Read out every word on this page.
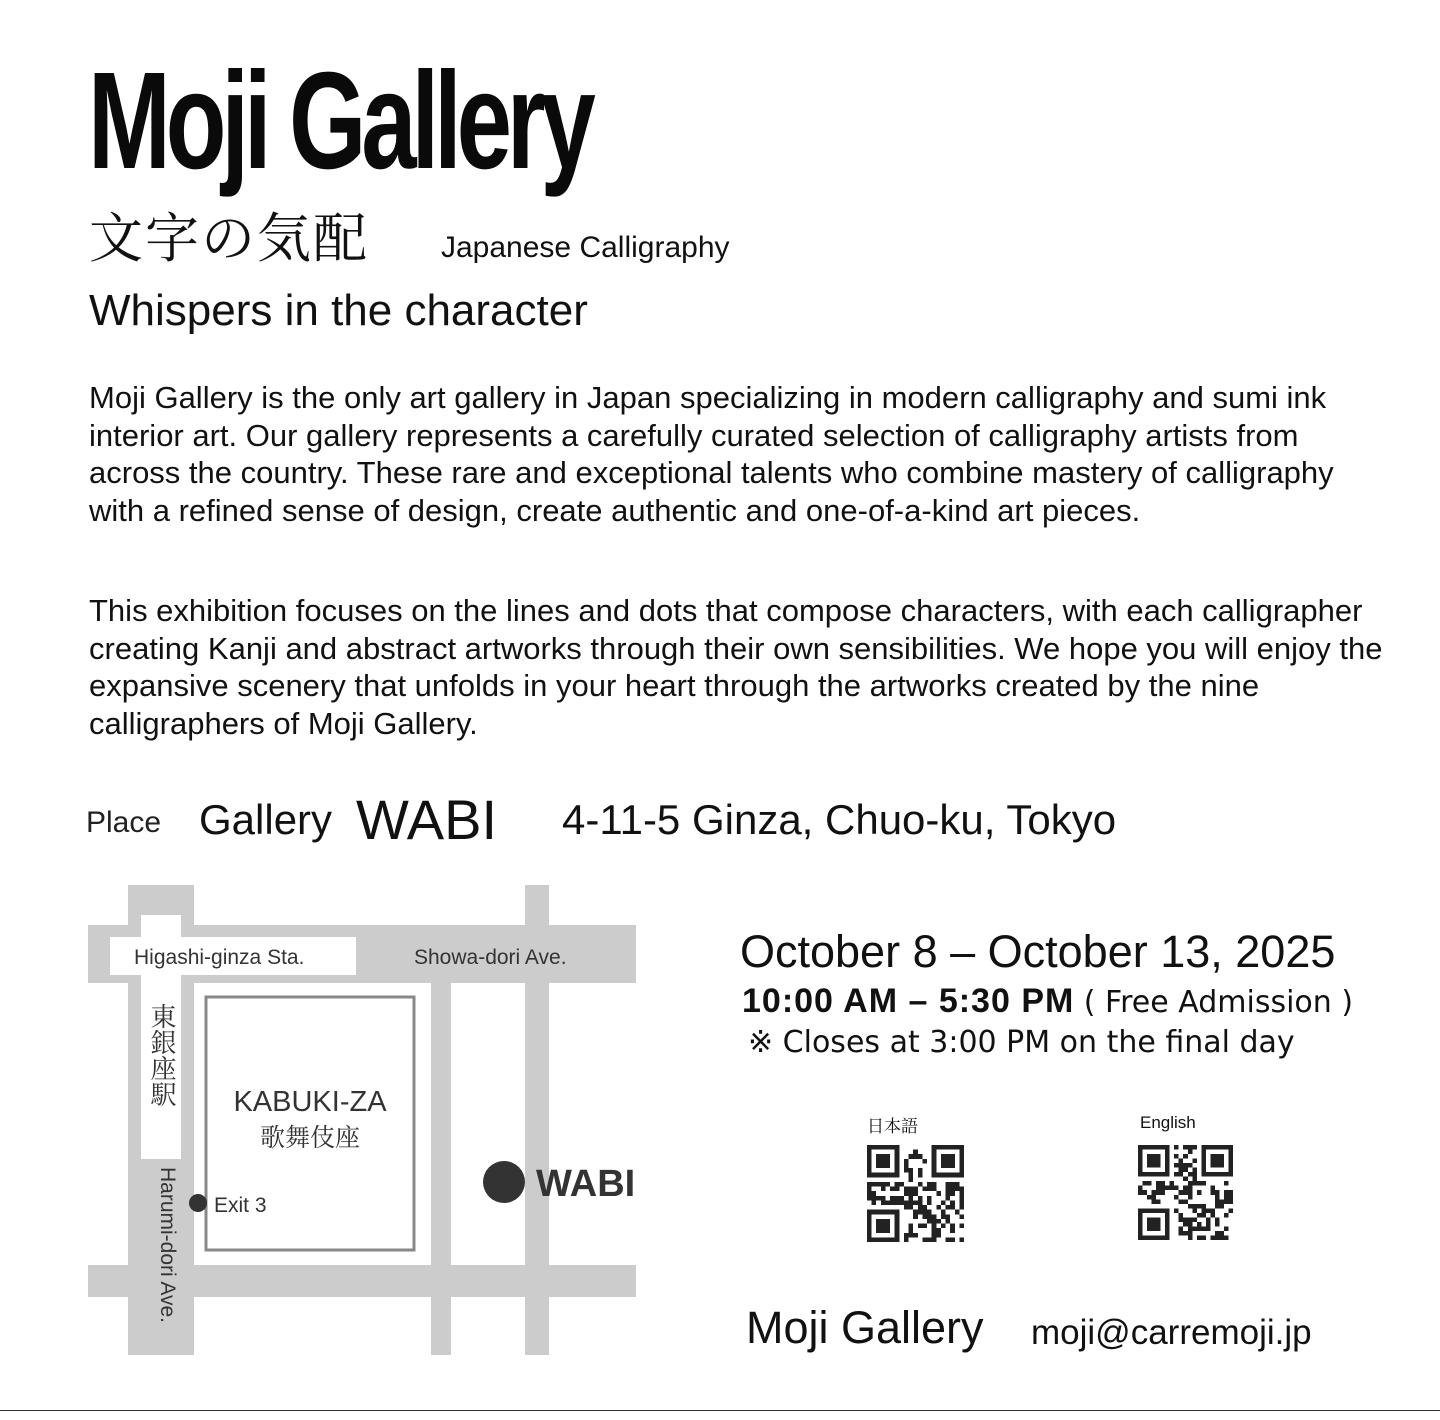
Moji Gallery
文字の気配 Japanese Calligraphy
Whispers in the character
Moji Gallery is the only art gallery in Japan specializing in modern calligraphy and sumi ink interior art. Our gallery represents a carefully curated selection of calligraphy artists from across the country. These rare and exceptional talents who combine mastery of calligraphy with a refined sense of design, create authentic and one-of-a-kind art pieces.
This exhibition focuses on the lines and dots that compose characters, with each calligrapher creating Kanji and abstract artworks through their own sensibilities. We hope you will enjoy the expansive scenery that unfolds in your heart through the artworks created by the nine calligraphers of Moji Gallery.
Place Gallery WABI 4-11-5 Ginza, Chuo-ku, Tokyo
Higashi-ginza Sta.	Showa-dori Ave.
東銀座駅
Harumi-dori Ave.
KABUKI-ZA
歌舞伎座
Exit 3
WABI
October 8 – October 13, 2025
10:00 AM – 5:30 PM ( Free Admission )
※ Closes at 3:00 PM on the final day
日本語	English
Moji Gallery moji@carremoji.jp
